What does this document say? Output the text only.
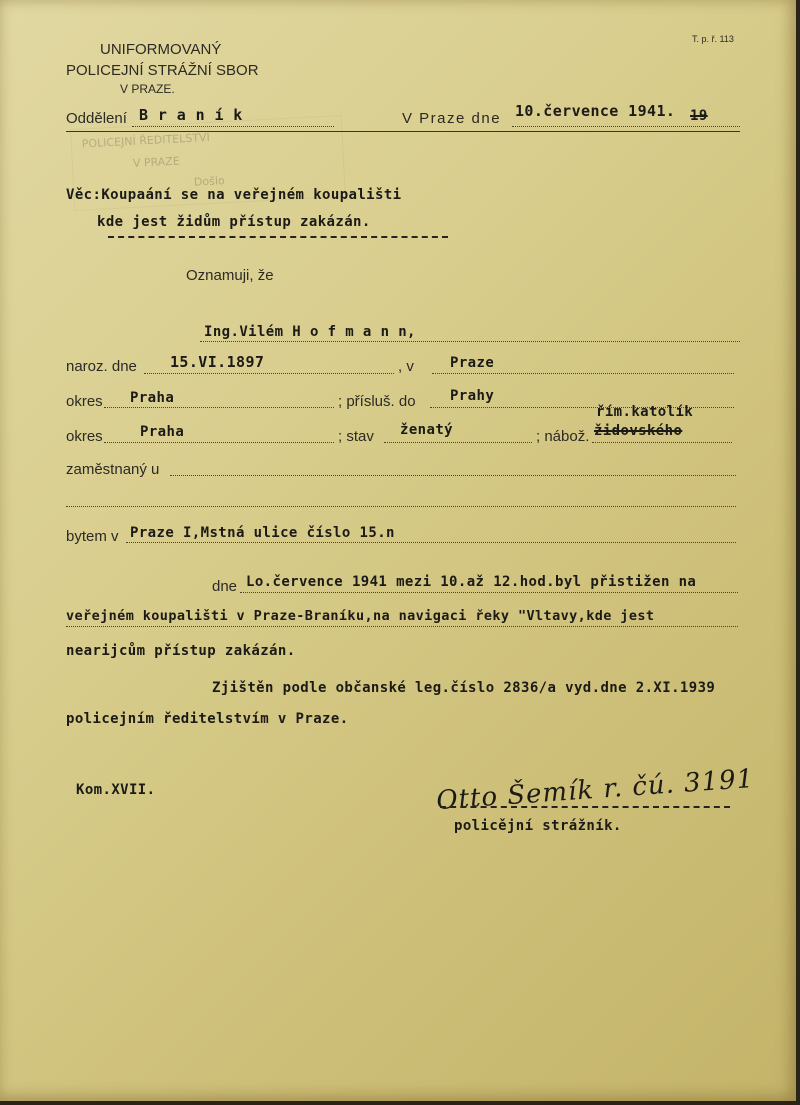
POLICEJNÍ ŘEDITELSTVÍ
V PRAZE
Došlo
UNIFORMOVANÝ
POLICEJNÍ STRÁŽNÍ SBOR
V PRAZE.
T. p. ř. 113
Oddělení B r a n í k	V Praze dne 10.července 1941. 19
Věc:Koupaání se na veřejném koupališti
kde jest židům přístup zakázán.
Oznamuji, že
Ing.Vilém H o f m a n n,
naroz. dne 15.VI.1897	, v	Praze
okres Praha	; přísluš. do Prahy
okres	Praha	; stav ženatý	; nábož.
řím.katolík
židovského
zaměstnaný u
bytem v Praze I,Mstná ulice číslo 15.n
dne Lo.července 1941 mezi 10.až 12.hod.byl přistižen na
veřejném koupališti v Praze-Braníku,na navigaci řeky "Vltavy,kde jest
nearijcům přístup zakázán.
Zjištěn podle občanské leg.číslo 2836/a vyd.dne 2.XI.1939
policejním ředitelstvím v Praze.
Kom.XVII.	Otto Šemík r. čú. 3191
policějní strážník.
